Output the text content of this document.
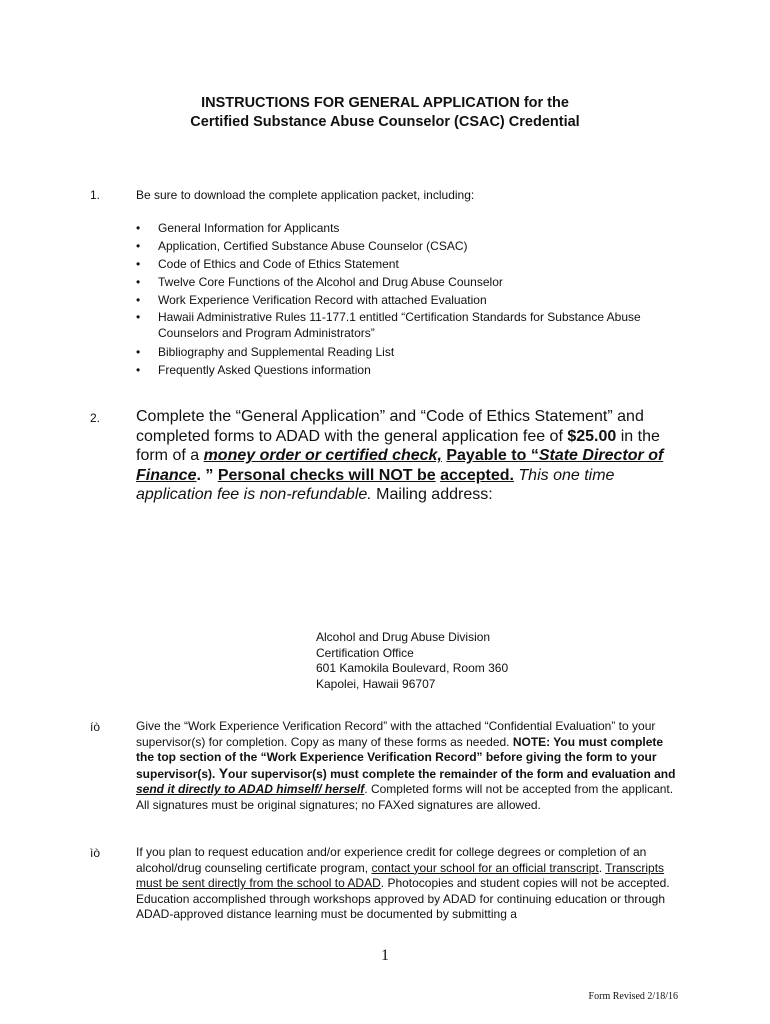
INSTRUCTIONS FOR GENERAL APPLICATION for the
Certified Substance Abuse Counselor (CSAC) Credential
1.	Be sure to download the complete application packet, including:
• General Information for Applicants
• Application, Certified Substance Abuse Counselor (CSAC)
• Code of Ethics and Code of Ethics Statement
• Twelve Core Functions of the Alcohol and Drug Abuse Counselor
• Work Experience Verification Record with attached Evaluation
• Hawaii Administrative Rules 11-177.1 entitled “Certification Standards for Substance Abuse Counselors and Program Administrators”
• Bibliography and Supplemental Reading List
• Frequently Asked Questions information
2. Complete the “General Application” and “Code of Ethics Statement” and completed forms to ADAD with the general application fee of $25.00 in the form of a money order or certified check, Payable to “State Director of Finance. ” Personal checks will NOT be accepted. This one time application fee is non-refundable. Mailing address:
Alcohol and Drug Abuse Division
Certification Office
601 Kamokila Boulevard, Room 360
Kapolei, Hawaii 96707
íò	Give the “Work Experience Verification Record” with the attached “Confidential Evaluation” to your supervisor(s) for completion. Copy as many of these forms as needed. NOTE: You must complete the top section of the “Work Experience Verification Record” before giving the form to your supervisor(s). Your supervisor(s) must complete the remainder of the form and evaluation and send it directly to ADAD himself/ herself. Completed forms will not be accepted from the applicant. All signatures must be original signatures; no FAXed signatures are allowed.
ìò	If you plan to request education and/or experience credit for college degrees or completion of an alcohol/drug counseling certificate program, contact your school for an official transcript. Transcripts must be sent directly from the school to ADAD. Photocopies and student copies will not be accepted. Education accomplished through workshops approved by ADAD for continuing education or through ADAD-approved distance learning must be documented by submitting a
1
Form Revised 2/18/16
